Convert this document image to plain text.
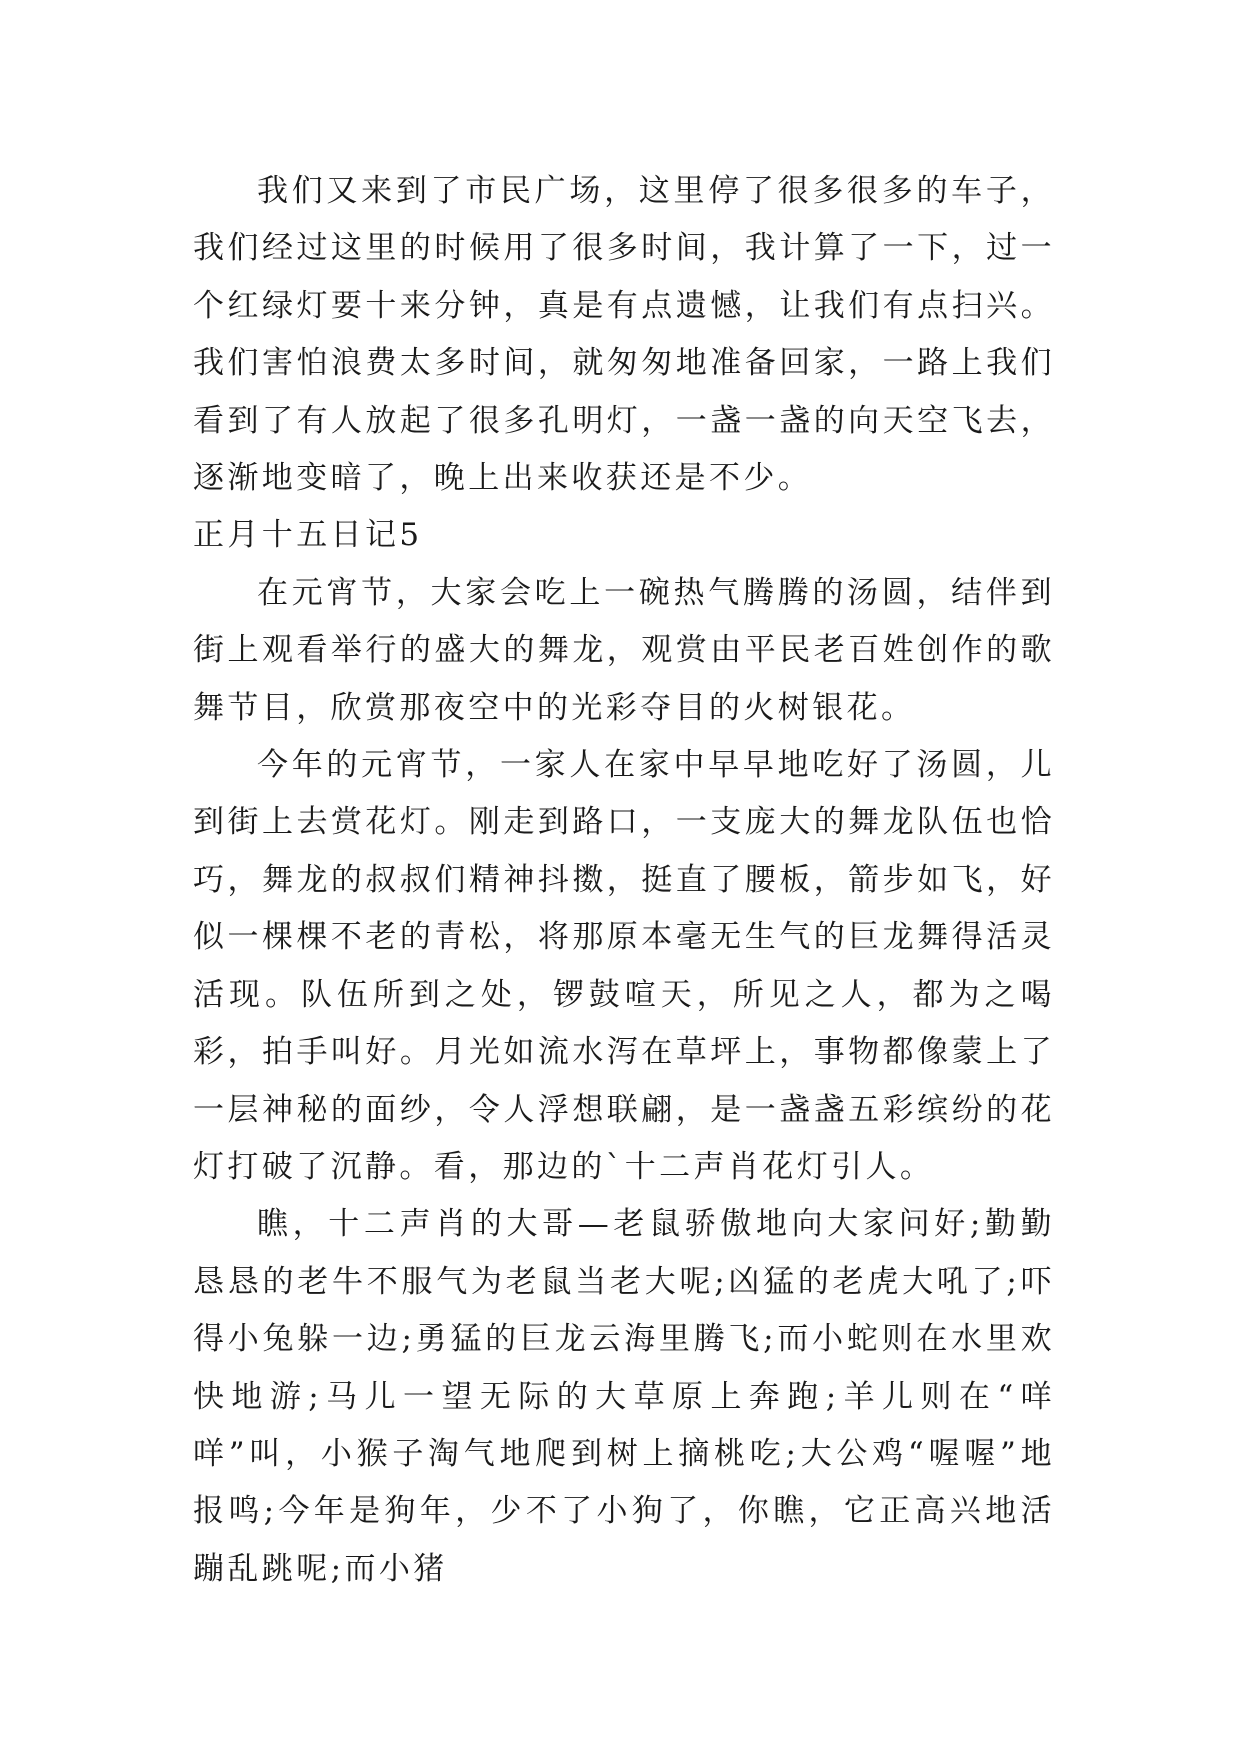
我们又来到了市民广场，这里停了很多很多的车子，我们经过这里的时候用了很多时间，我计算了一下，过一个红绿灯要十来分钟，真是有点遗憾，让我们有点扫兴。我们害怕浪费太多时间，就匆匆地准备回家，一路上我们看到了有人放起了很多孔明灯，一盏一盏的向天空飞去，逐渐地变暗了，晚上出来收获还是不少。

正月十五日记5

在元宵节，大家会吃上一碗热气腾腾的汤圆，结伴到街上观看举行的盛大的舞龙，观赏由平民老百姓创作的歌舞节目，欣赏那夜空中的光彩夺目的火树银花。

今年的元宵节，一家人在家中早早地吃好了汤圆，儿到街上去赏花灯。刚走到路口，一支庞大的舞龙队伍也恰巧，舞龙的叔叔们精神抖擞，挺直了腰板，箭步如飞，好似一棵棵不老的青松，将那原本毫无生气的巨龙舞得活灵活现。队伍所到之处，锣鼓喧天，所见之人，都为之喝彩，拍手叫好。月光如流水泻在草坪上，事物都像蒙上了一层神秘的面纱，令人浮想联翩，是一盏盏五彩缤纷的花灯打破了沉静。看，那边的`十二声肖花灯引人。

瞧，十二声肖的大哥—老鼠骄傲地向大家问好;勤勤恳恳的老牛不服气为老鼠当老大呢;凶猛的老虎大吼了;吓得小兔躲一边;勇猛的巨龙云海里腾飞;而小蛇则在水里欢快地游;马儿一望无际的大草原上奔跑;羊儿则在“咩咩”叫，小猴子淘气地爬到树上摘桃吃;大公鸡“喔喔”地报鸣;今年是狗年，少不了小狗了，你瞧，它正高兴地活蹦乱跳呢;而小猪
